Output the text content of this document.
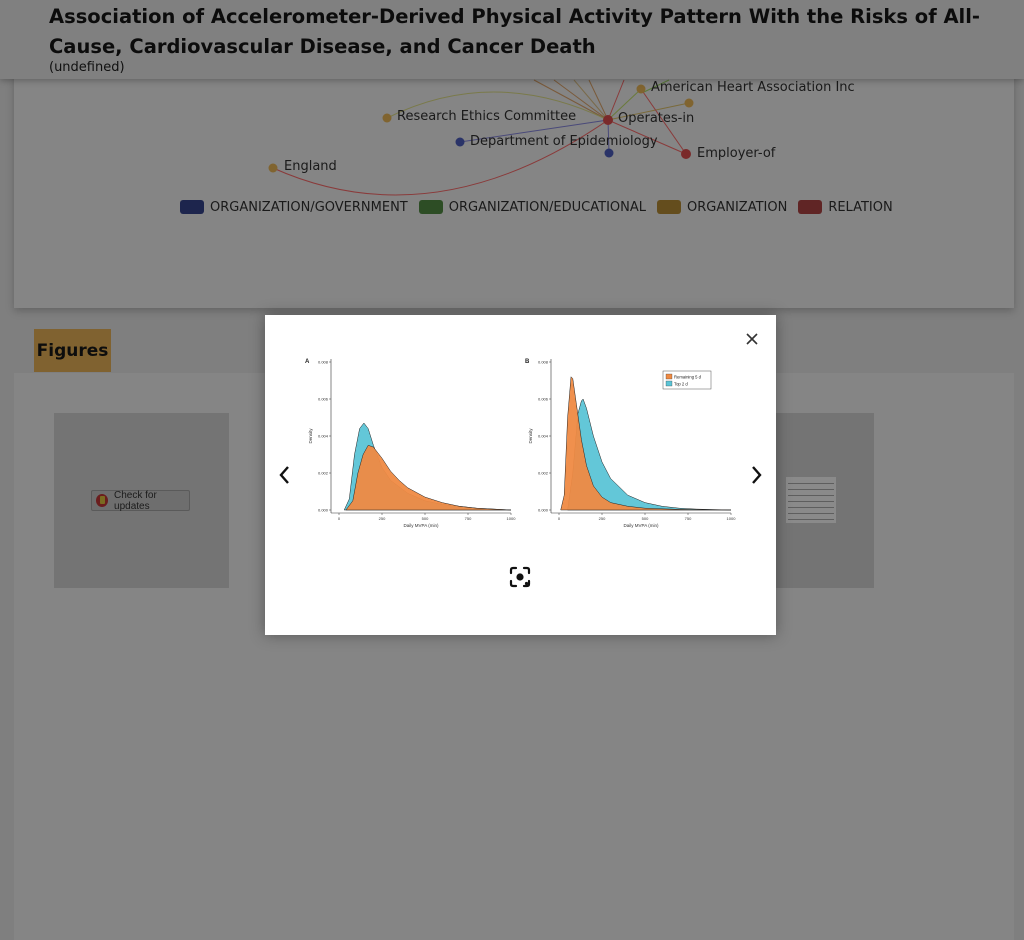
Association of Accelerometer-Derived Physical Activity Pattern With the Risks of All-Cause, Cardiovascular Disease, and Cancer Death
(undefined)
American Heart Association Inc
Research Ethics Committee	Operates-in
Department of Epidemiology
Employer-of
England
ORGANIZATION/GOVERNMENT	ORGANIZATION/EDUCATIONAL	ORGANIZATION	RELATION
Figures
Check for updates
A
0.000
0.002
0.004
0.006
0.008
0	250	500	750	1000
Daily MVPA (min)
Density
B
0.000
0.002
0.004
0.006
0.008
0	250	500	750	1000
Daily MVPA (min)
Density
Remaining 5 d
Top 2 d
